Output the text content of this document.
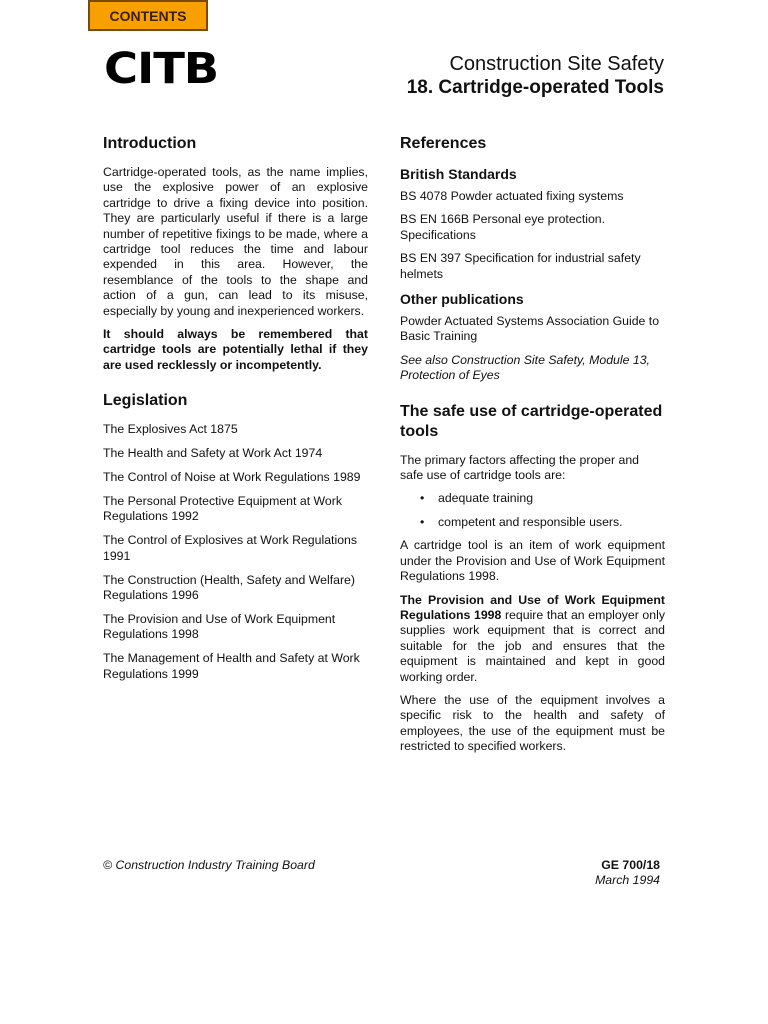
CONTENTS
CITB	Construction Site Safety
18. Cartridge-operated Tools
Introduction

Cartridge-operated tools, as the name implies, use the explosive power of an explosive cartridge to drive a fixing device into position. They are particularly useful if there is a large number of repetitive fixings to be made, where a cartridge tool reduces the time and labour expended in this area. However, the resemblance of the tools to the shape and action of a gun, can lead to its misuse, especially by young and inexperienced workers.

It should always be remembered that cartridge tools are potentially lethal if they are used recklessly or incompetently.

Legislation

The Explosives Act 1875

The Health and Safety at Work Act 1974

The Control of Noise at Work Regulations 1989

The Personal Protective Equipment at Work Regulations 1992

The Control of Explosives at Work Regulations 1991

The Construction (Health, Safety and Welfare) Regulations 1996

The Provision and Use of Work Equipment Regulations 1998

The Management of Health and Safety at Work Regulations 1999

References
British Standards

BS 4078 Powder actuated fixing systems

BS EN 166B Personal eye protection. Specifications

BS EN 397 Specification for industrial safety helmets

Other publications

Powder Actuated Systems Association Guide to Basic Training

See also Construction Site Safety, Module 13, Protection of Eyes

The safe use of cartridge-operated tools

The primary factors affecting the proper and safe use of cartridge tools are:

• adequate training
• competent and responsible users.

A cartridge tool is an item of work equipment under the Provision and Use of Work Equipment Regulations 1998.

The Provision and Use of Work Equipment Regulations 1998 require that an employer only supplies work equipment that is correct and suitable for the job and ensures that the equipment is maintained and kept in good working order.

Where the use of the equipment involves a specific risk to the health and safety of employees, the use of the equipment must be restricted to specified workers.

© Construction Industry Training Board	GE 700/18
March 1994
